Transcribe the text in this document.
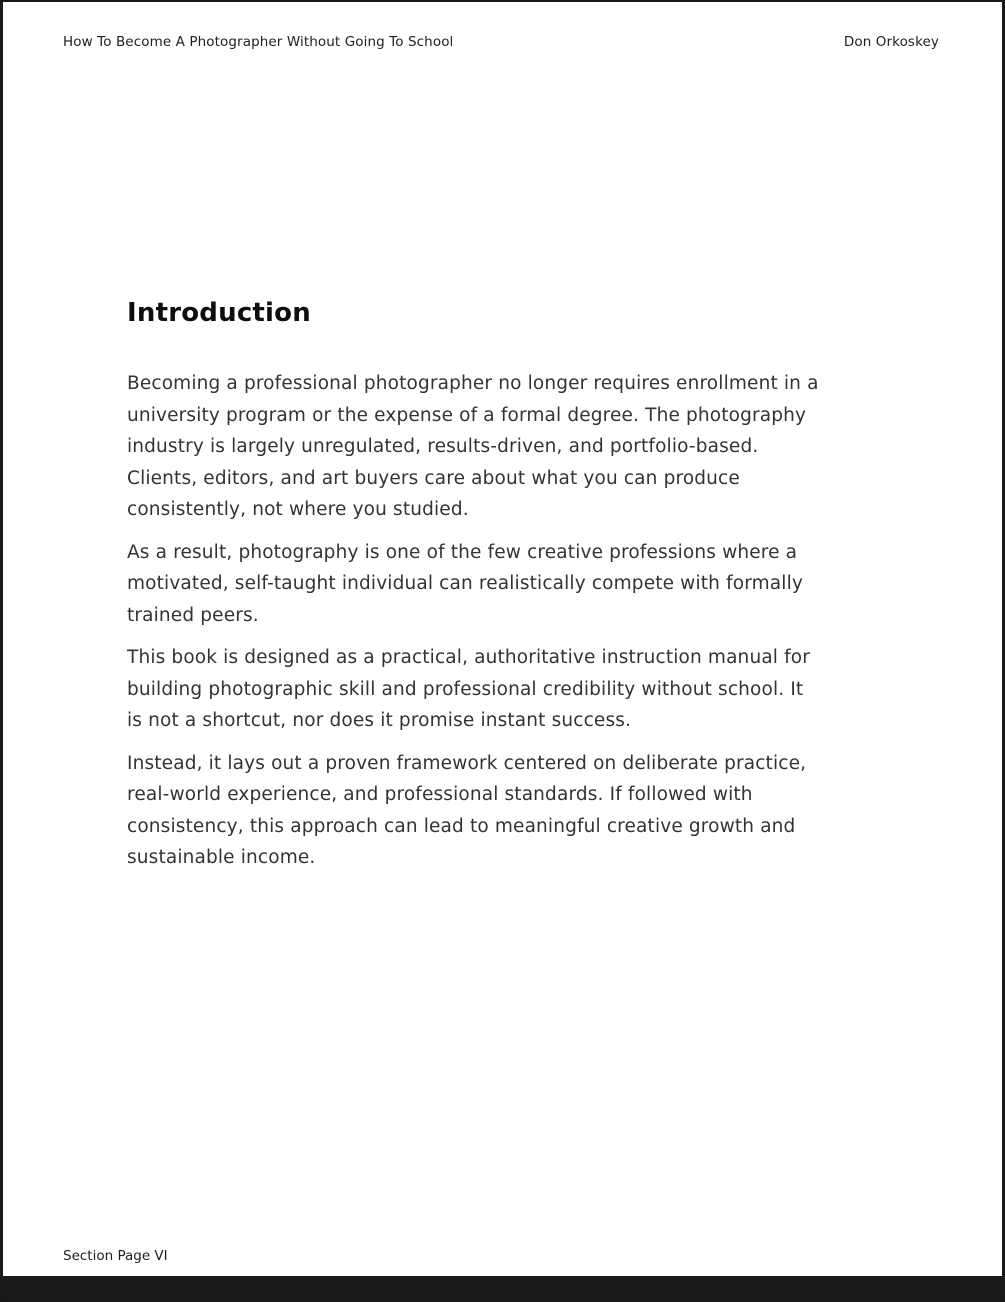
How To Become A Photographer Without Going To School	Don Orkoskey
Introduction

Becoming a professional photographer no longer requires enrollment in a university program or the expense of a formal degree. The photography industry is largely unregulated, results-driven, and portfolio-based. Clients, editors, and art buyers care about what you can produce consistently, not where you studied.

As a result, photography is one of the few creative professions where a motivated, self-taught individual can realistically compete with formally trained peers.

This book is designed as a practical, authoritative instruction manual for building photographic skill and professional credibility without school. It is not a shortcut, nor does it promise instant success.

Instead, it lays out a proven framework centered on deliberate practice, real-world experience, and professional standards. If followed with consistency, this approach can lead to meaningful creative growth and sustainable income.

Section Page VI
